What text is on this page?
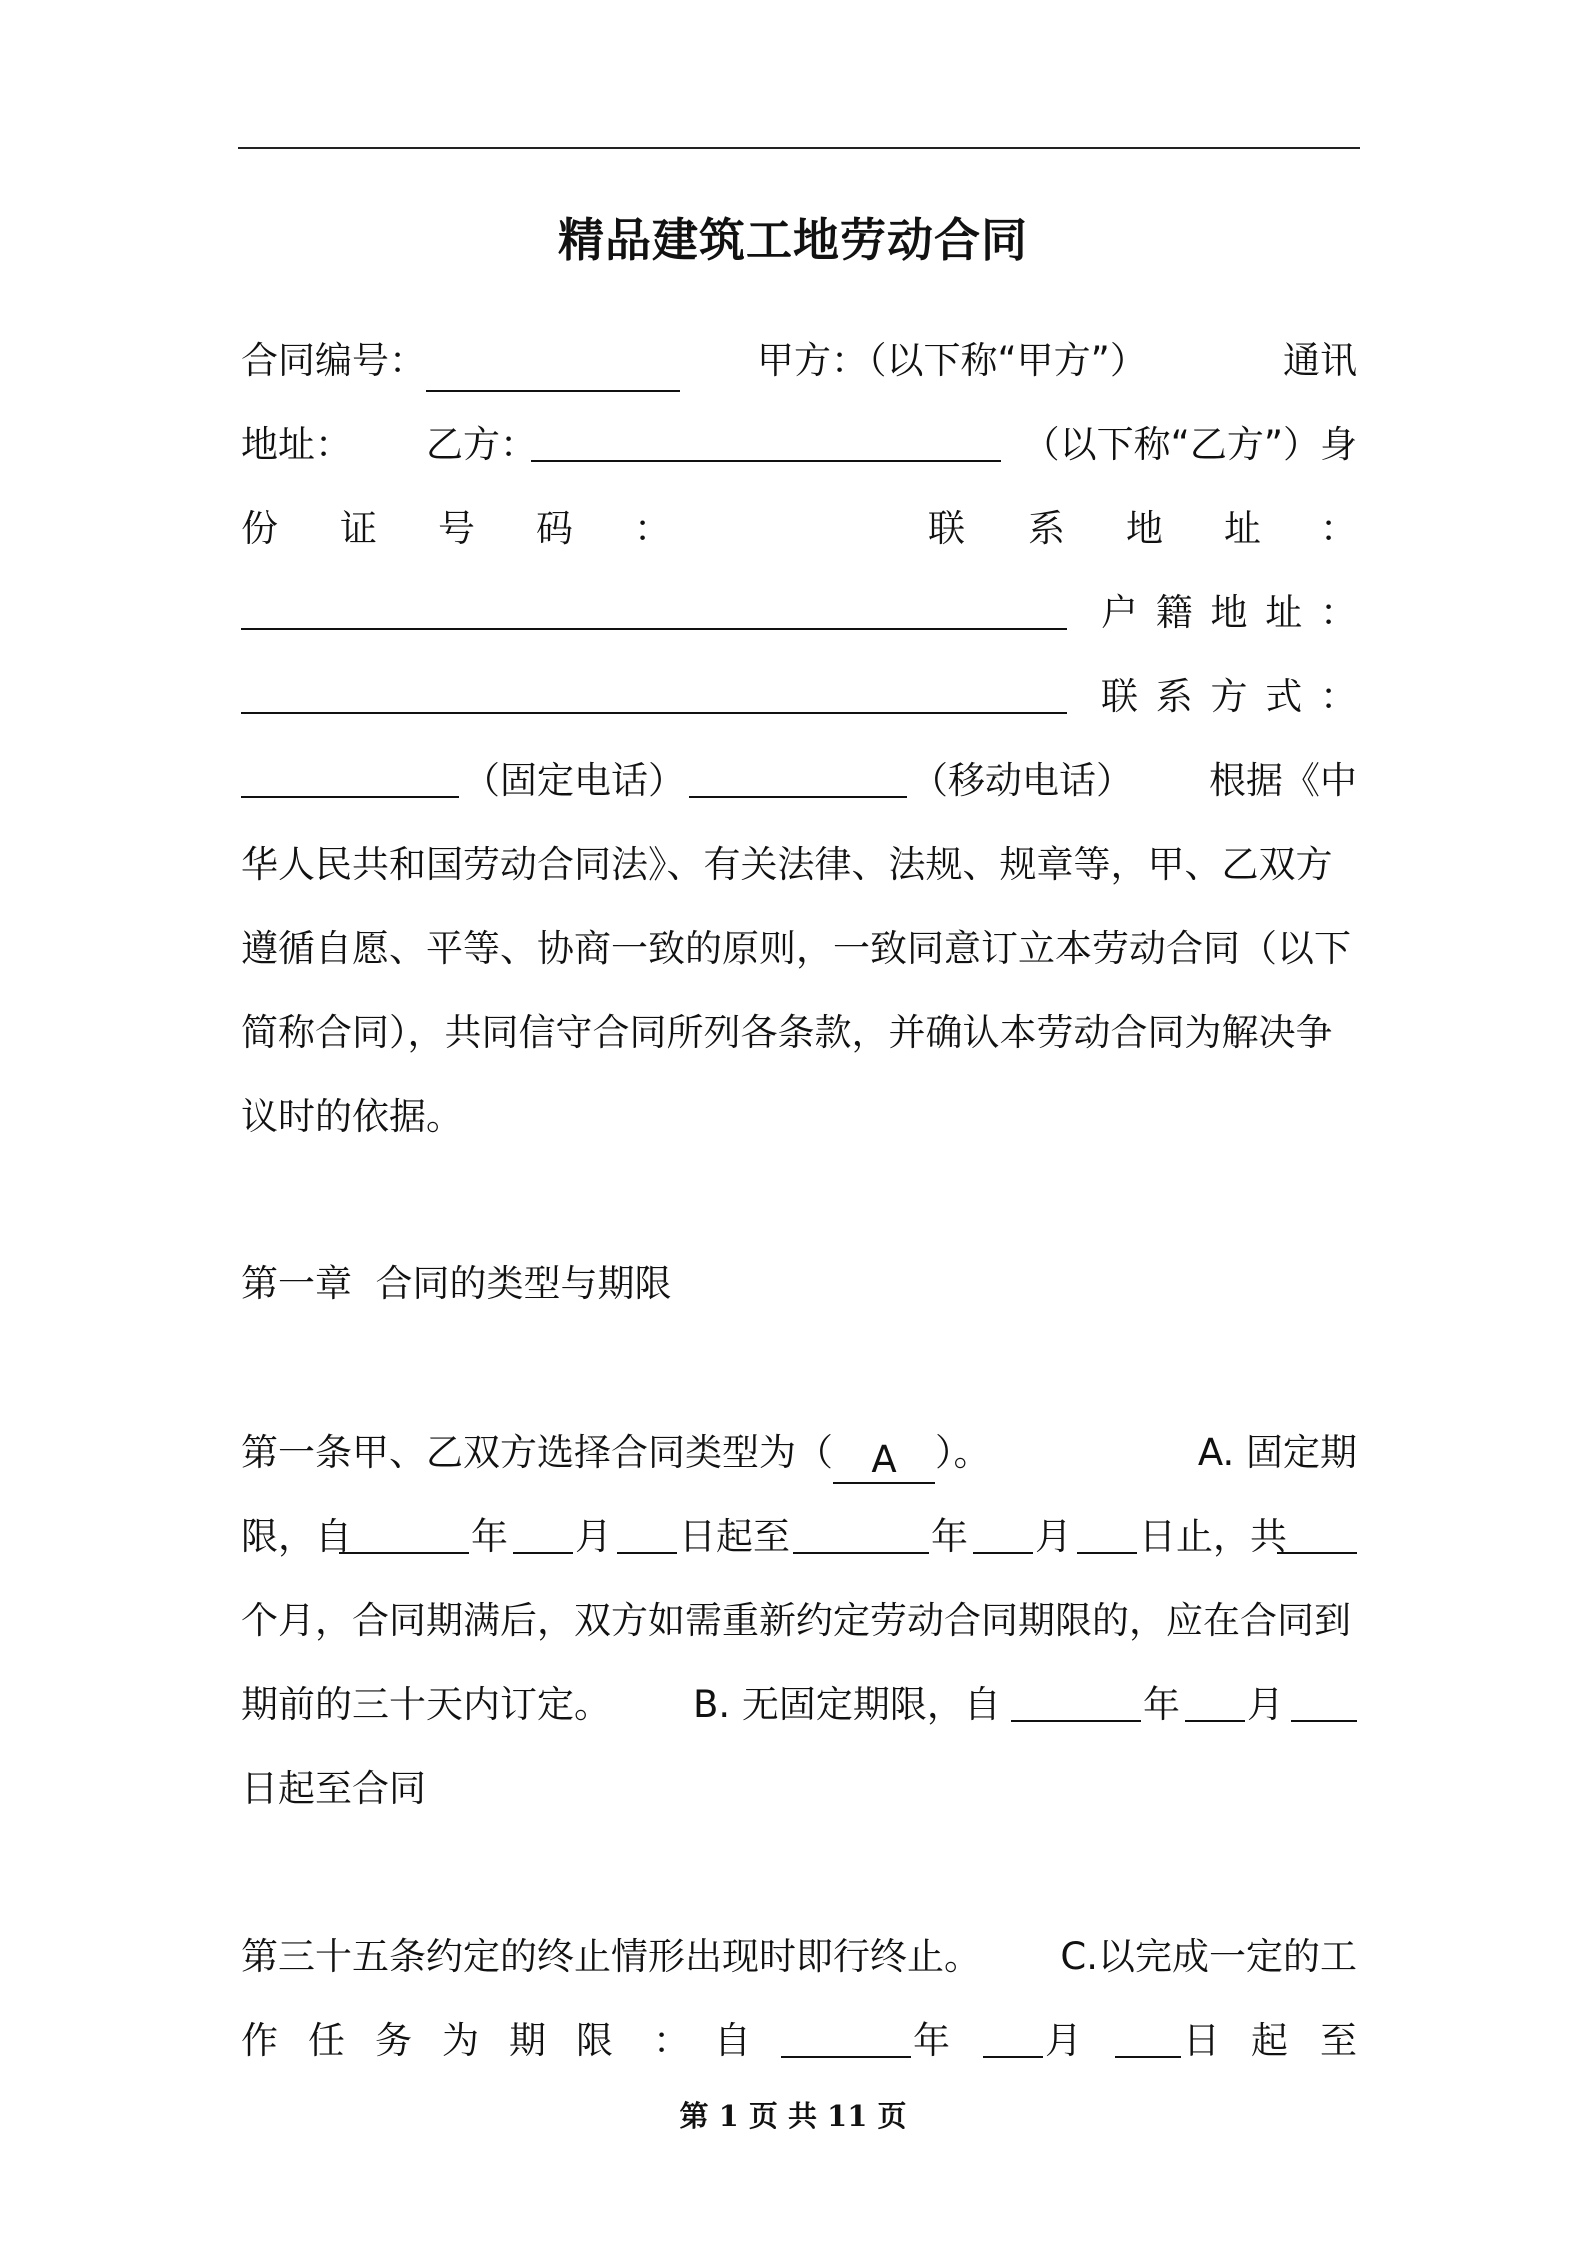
精品建筑工地劳动合同
合同编号：	甲方：（以下称“甲方”）	通讯
地址： 乙方：	（以下称“乙方”）身
份 证 号 码 ：	联 系 地 址 ：
户 籍 地 址 ：
联 系 方 式 ：
（固定电话）	（移动电话） 根据《中
华人民共和国劳动合同法》、有关法律、法规、规章等，甲、乙双方
遵循自愿、平等、协商一致的原则，一致同意订立本劳动合同（以下
简称合同），共同信守合同所列各条款，并确认本劳动合同为解决争
议时的依据。
第一章  合同的类型与期限
第一条甲、乙双方选择合同类型为（ A ）。	A. 固定期
限，自	年 月 日起至	年 月 日止，共
个月，合同期满后，双方如需重新约定劳动合同期限的，应在合同到
期前的三十天内订定。 B. 无固定期限，自	年 月
日起至合同
第三十五条约定的终止情形出现时即行终止。 C.以完成一定的工
作 任 务 为 期 限 ： 自	年	月	日 起 至
第 1 页 共 11 页
